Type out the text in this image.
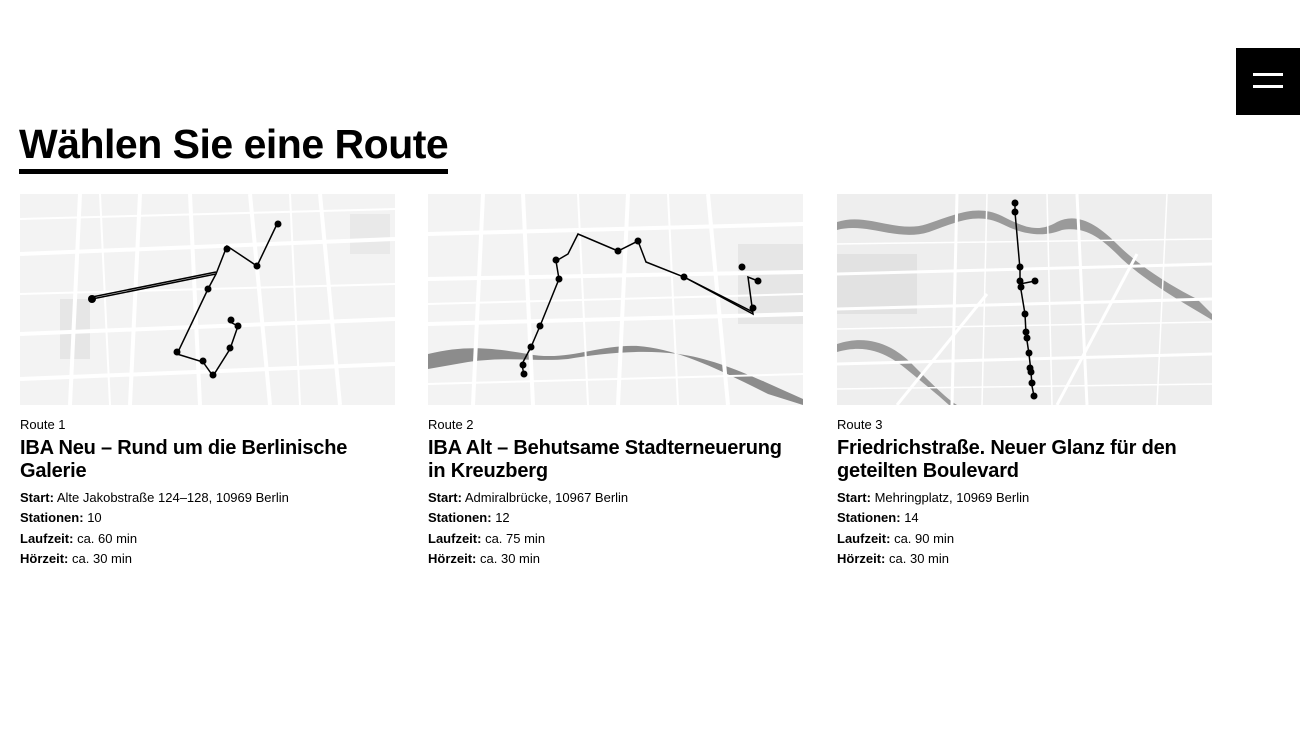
Wählen Sie eine Route
Route 1
IBA Neu – Rund um die Berlinische Galerie
Start: Alte Jakobstraße 124–128, 10969 Berlin
Stationen: 10
Laufzeit: ca. 60 min
Hörzeit: ca. 30 min
Route 2
IBA Alt – Behutsame Stadterneuerung in Kreuzberg
Start: Admiralbrücke, 10967 Berlin
Stationen: 12
Laufzeit: ca. 75 min
Hörzeit: ca. 30 min
Route 3
Friedrichstraße. Neuer Glanz für den geteilten Boulevard
Start: Mehringplatz, 10969 Berlin
Stationen: 14
Laufzeit: ca. 90 min
Hörzeit: ca. 30 min
